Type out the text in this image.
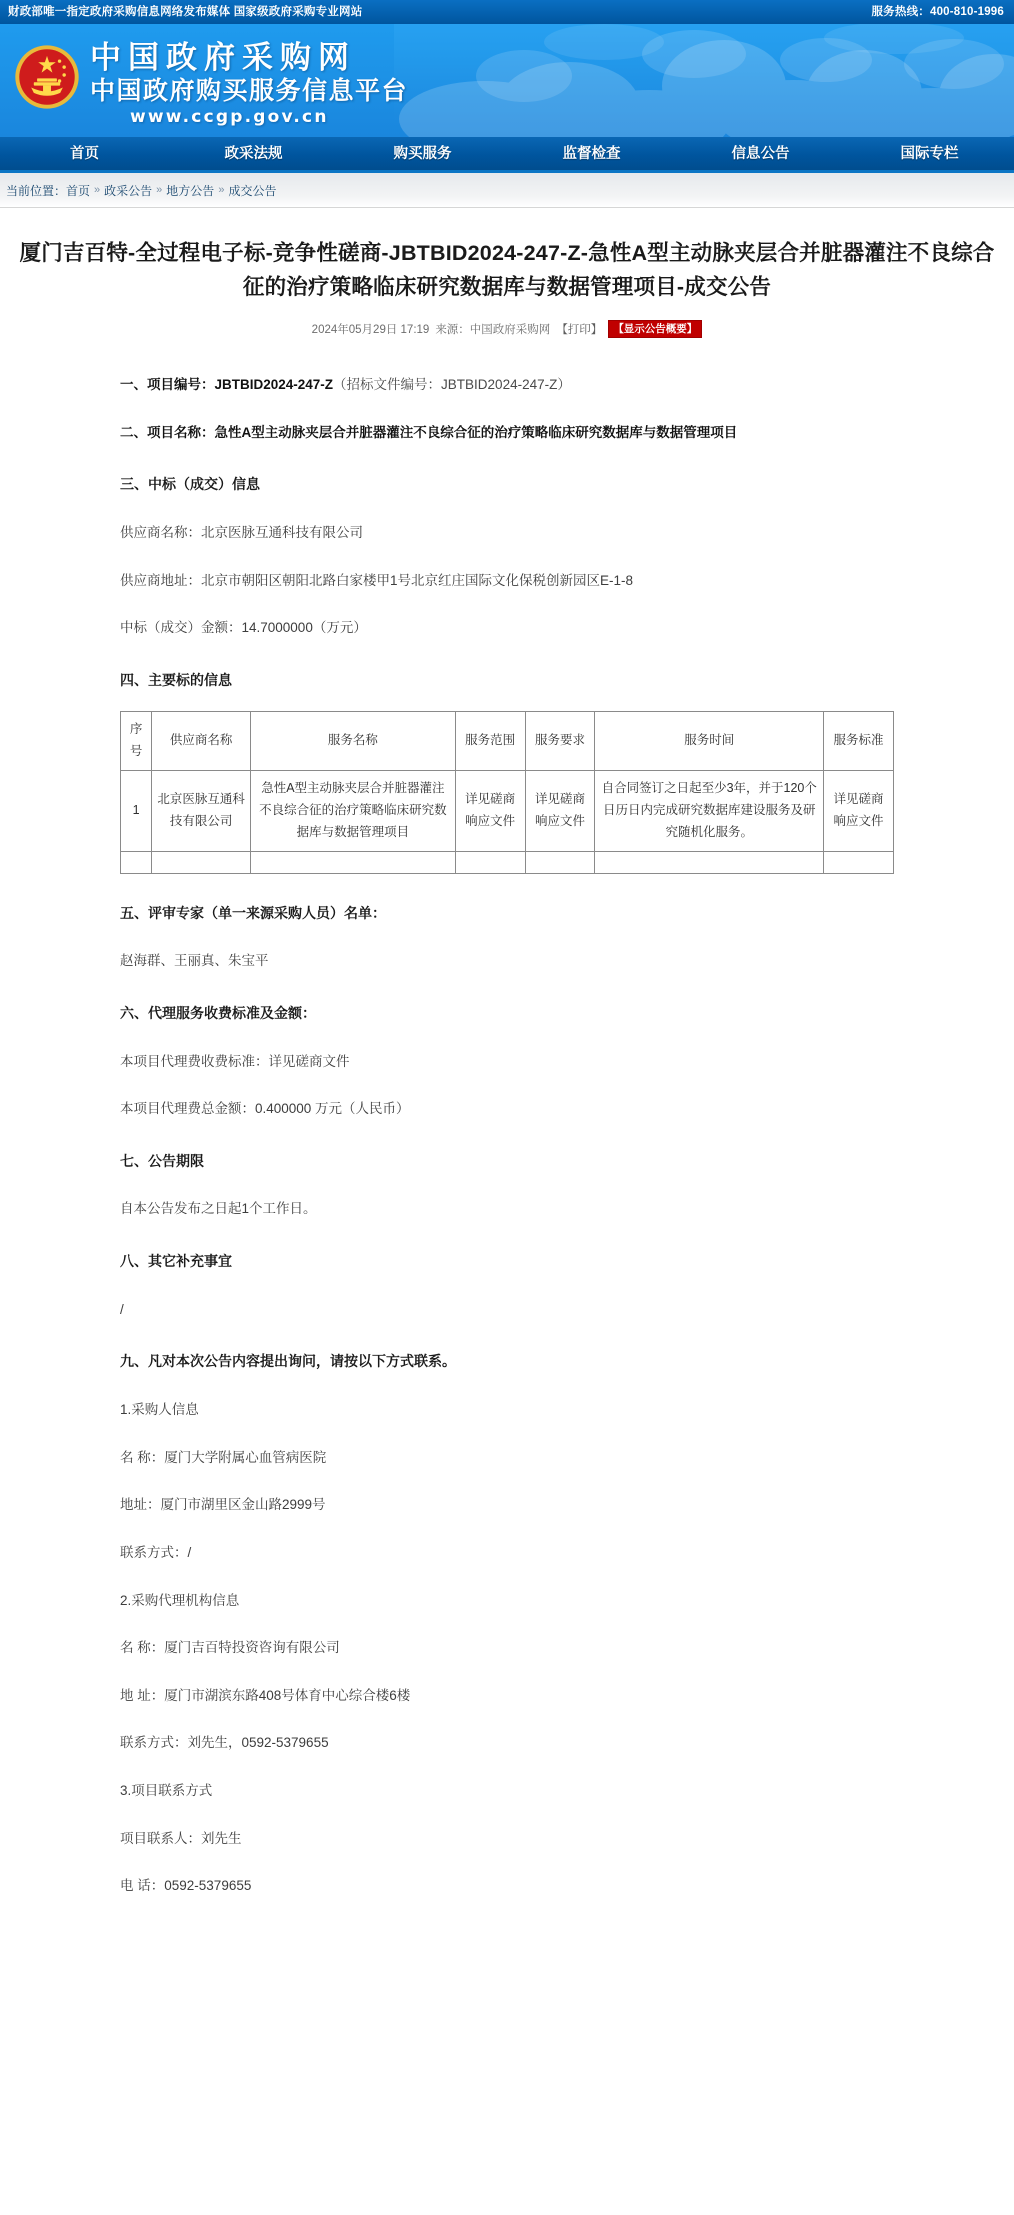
财政部唯一指定政府采购信息网络发布媒体 国家级政府采购专业网站	服务热线：400-810-1996
中国政府采购网
中国政府购买服务信息平台
www.ccgp.gov.cn
首页	政采法规	购买服务	监督检查	信息公告	国际专栏
当前位置： 首页 » 政采公告 » 地方公告 » 成交公告
厦门吉百特-全过程电子标-竞争性磋商-JBTBID2024-247-Z-急性A型主动脉夹层合并脏器灌注不良综合征的治疗策略临床研究数据库与数据管理项目-成交公告
2024年05月29日 17:19 来源：中国政府采购网 【打印】	【显示公告概要】

一、项目编号：JBTBID2024-247-Z（招标文件编号：JBTBID2024-247-Z）

二、项目名称：急性A型主动脉夹层合并脏器灌注不良综合征的治疗策略临床研究数据库与数据管理项目

三、中标（成交）信息

供应商名称：北京医脉互通科技有限公司

供应商地址：北京市朝阳区朝阳北路白家楼甲1号北京红庄国际文化保税创新园区E-1-8

中标（成交）金额：14.7000000（万元）

四、主要标的信息
序号	供应商名称	服务名称	服务范围	服务要求	服务时间	服务标准
1	北京医脉互通科技有限公司	急性A型主动脉夹层合并脏器灌注不良综合征的治疗策略临床研究数据库与数据管理项目	详见磋商响应文件	详见磋商响应文件	自合同签订之日起至少3年，并于120个日历日内完成研究数据库建设服务及研究随机化服务。	详见磋商响应文件

五、评审专家（单一来源采购人员）名单：

赵海群、王丽真、朱宝平

六、代理服务收费标准及金额：

本项目代理费收费标准：详见磋商文件

本项目代理费总金额：0.400000 万元（人民币）

七、公告期限

自本公告发布之日起1个工作日。

八、其它补充事宜

/

九、凡对本次公告内容提出询问，请按以下方式联系。

1.采购人信息

名 称：厦门大学附属心血管病医院

地址：厦门市湖里区金山路2999号

联系方式：/

2.采购代理机构信息

名 称：厦门吉百特投资咨询有限公司

地 址：厦门市湖滨东路408号体育中心综合楼6楼

联系方式：刘先生，0592-5379655

3.项目联系方式

项目联系人：刘先生

电 话：0592-5379655
